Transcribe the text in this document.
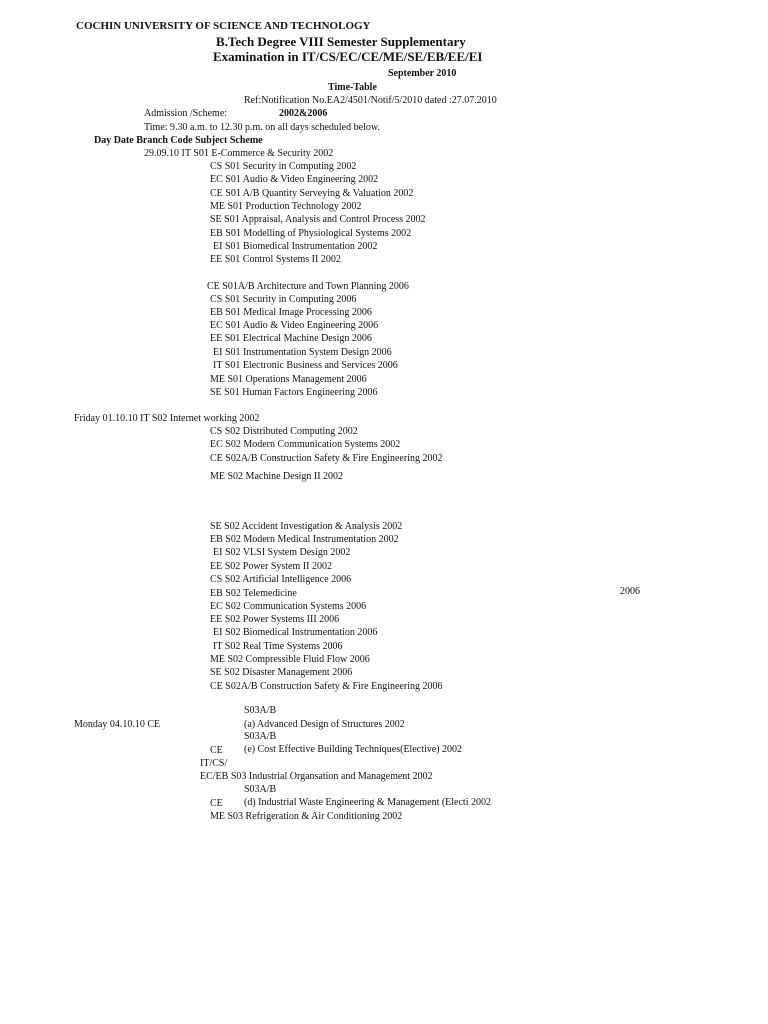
COCHIN UNIVERSITY OF SCIENCE AND TECHNOLOGY
B.Tech Degree VIII Semester Supplementary
Examination in IT/CS/EC/CE/ME/SE/EB/EE/EI
September 2010
Time-Table
Ref:Notification No.EA2/4501/Notif/5/2010 dated :27.07.2010
Admission /Scheme:	2002&2006
Time: 9.30 a.m. to 12.30 p.m. on all days scheduled below.
Day Date Branch Code Subject Scheme
29.09.10 IT S01 E-Commerce & Security 2002
CS S01 Security in Computing 2002
EC S01 Audio & Video Engineering 2002
CE S01 A/B Quantity Serveying & Valuation 2002
ME S01 Production Technology 2002
SE S01 Appraisal, Analysis and Control Process 2002
EB S01 Modelling of Physiological Systems 2002
EI S01 Biomedical Instrumentation 2002
EE S01 Control Systems II 2002
CE S01A/B Architecture and Town Planning 2006
CS S01 Security in Computing 2006
EB S01 Medical Image Processing 2006
EC S01 Audio & Video Engineering 2006
EE S01 Electrical Machine Design 2006
EI S01 Instrumentation System Design 2006
IT S01 Electronic Business and Services 2006
ME S01 Operations Management 2006
SE S01 Human Factors Engineering 2006
Friday 01.10.10 IT S02 Internet working 2002
CS S02 Distributed Computing 2002
EC S02 Modern Communication Systems 2002
CE S02A/B Construction Safety & Fire Engineering 2002
ME S02 Machine Design II 2002
SE S02 Accident Investigation & Analysis 2002
EB S02 Modern Medical Instrumentation 2002
EI S02 VLSI System Design 2002
EE S02 Power System II 2002
CS S02 Artificial Intelligence 2006
EB S02 Telemedicine	2006
EC S02 Communication Systems 2006
EE S02 Power Systems III 2006
EI S02 Biomedical Instrumentation 2006
IT S02 Real Time Systems 2006
ME S02 Compressible Fluid Flow 2006
SE S02 Disaster Management 2006
CE S02A/B Construction Safety & Fire Engineering 2006
S03A/B
Monday 04.10.10 CE	(a) Advanced Design of Structures 2002
S03A/B
CE (e) Cost Effective Building Techniques(Elective) 2002
IT/CS/
EC/EB S03 Industrial Organsation and Management 2002
S03A/B
CE (d) Industrial Waste Engineering & Management (Electi 2002
ME S03 Refrigeration & Air Conditioning 2002
